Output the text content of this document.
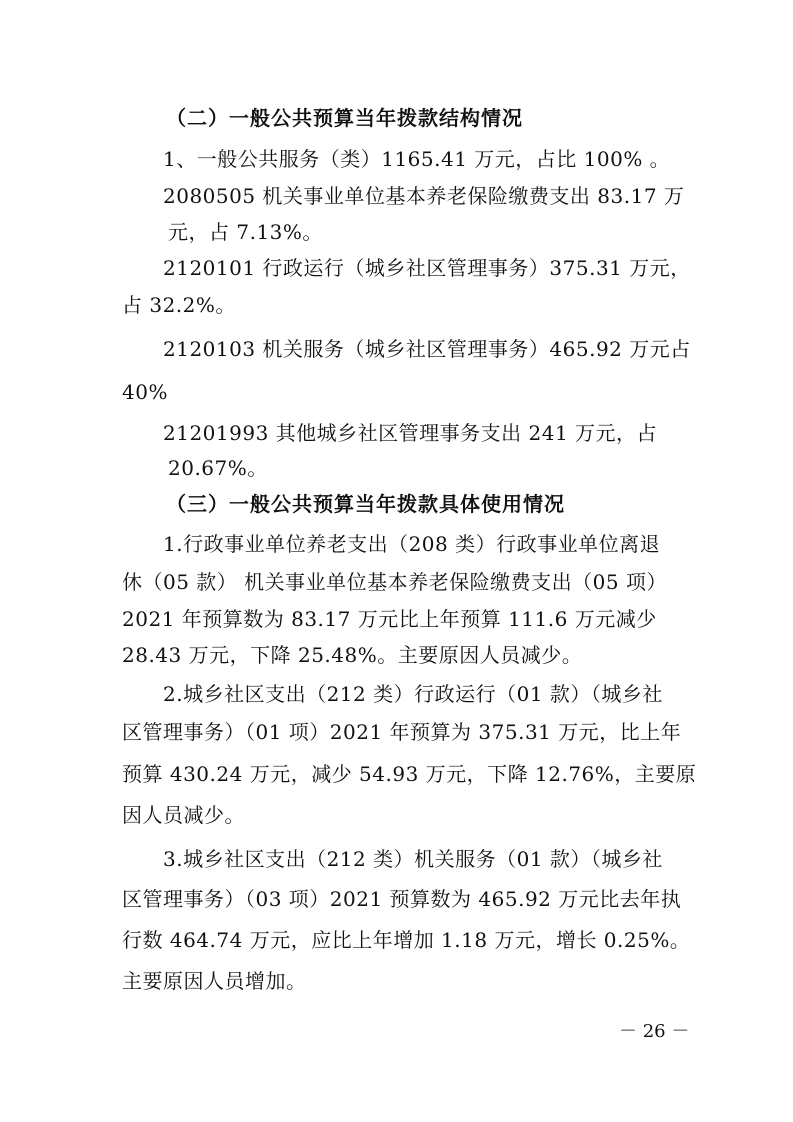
（二）一般公共预算当年拨款结构情况
1、一般公共服务（类）1165.41 万元，占比 100% 。
2080505 机关事业单位基本养老保险缴费支出 83.17 万
元，占 7.13%。
2120101 行政运行（城乡社区管理事务）375.31 万元，
占 32.2%。
2120103 机关服务（城乡社区管理事务）465.92 万元占
40%
21201993 其他城乡社区管理事务支出 241 万元，占
20.67%。
（三）一般公共预算当年拨款具体使用情况
1.行政事业单位养老支出（208 类）行政事业单位离退
休（05 款） 机关事业单位基本养老保险缴费支出（05 项）
2021 年预算数为 83.17 万元比上年预算 111.6 万元减少
28.43 万元，下降 25.48%。主要原因人员减少。
2.城乡社区支出（212 类）行政运行（01 款）（城乡社
区管理事务）（01 项）2021 年预算为 375.31 万元，比上年
预算 430.24 万元，减少 54.93 万元，下降 12.76%，主要原
因人员减少。
3.城乡社区支出（212 类）机关服务（01 款）（城乡社
区管理事务）（03 项）2021 预算数为 465.92 万元比去年执
行数 464.74 万元，应比上年增加 1.18 万元，增长 0.25%。
主要原因人员增加。
－ 26 －
